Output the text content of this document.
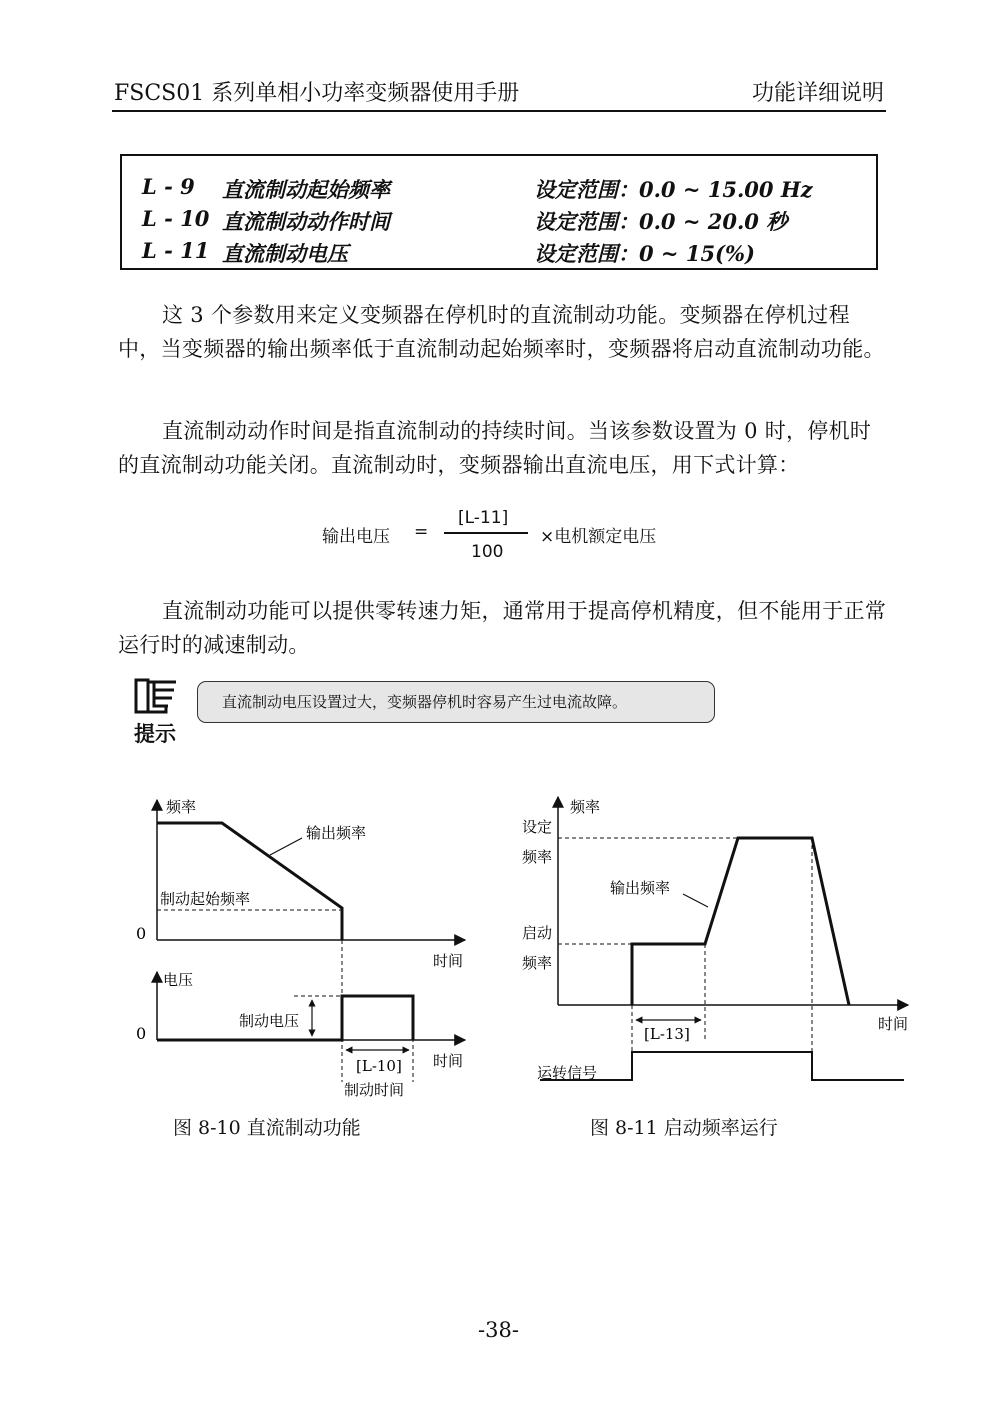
FSCS01 系列单相小功率变频器使用手册	功能详细说明
L - 9 直流制动起始频率	设定范围：0.0 ~ 15.00 Hz
L - 10 直流制动动作时间	设定范围：0.0 ~ 20.0 秒
L - 11 直流制动电压	设定范围：0 ~ 15(%)
这 3 个参数用来定义变频器在停机时的直流制动功能。变频器在停机过程中，当变频器的输出频率低于直流制动起始频率时，变频器将启动直流制动功能。
直流制动动作时间是指直流制动的持续时间。当该参数设置为 0 时，停机时的直流制动功能关闭。直流制动时，变频器输出直流电压，用下式计算：
输出电压 =
[L-11]
100
×电机额定电压
直流制动功能可以提供零转速力矩，通常用于提高停机精度，但不能用于正常运行时的减速制动。
提示
直流制动电压设置过大，变频器停机时容易产生过电流故障。
频率
输出频率
制动起始频率
0
时间
电压
制动电压
0
[L-10] 时间
制动时间
频率
设定
频率
输出频率
启动
频率
[L-13]
时间
运转信号
图 8-10 直流制动功能	图 8-11 启动频率运行
-38-
